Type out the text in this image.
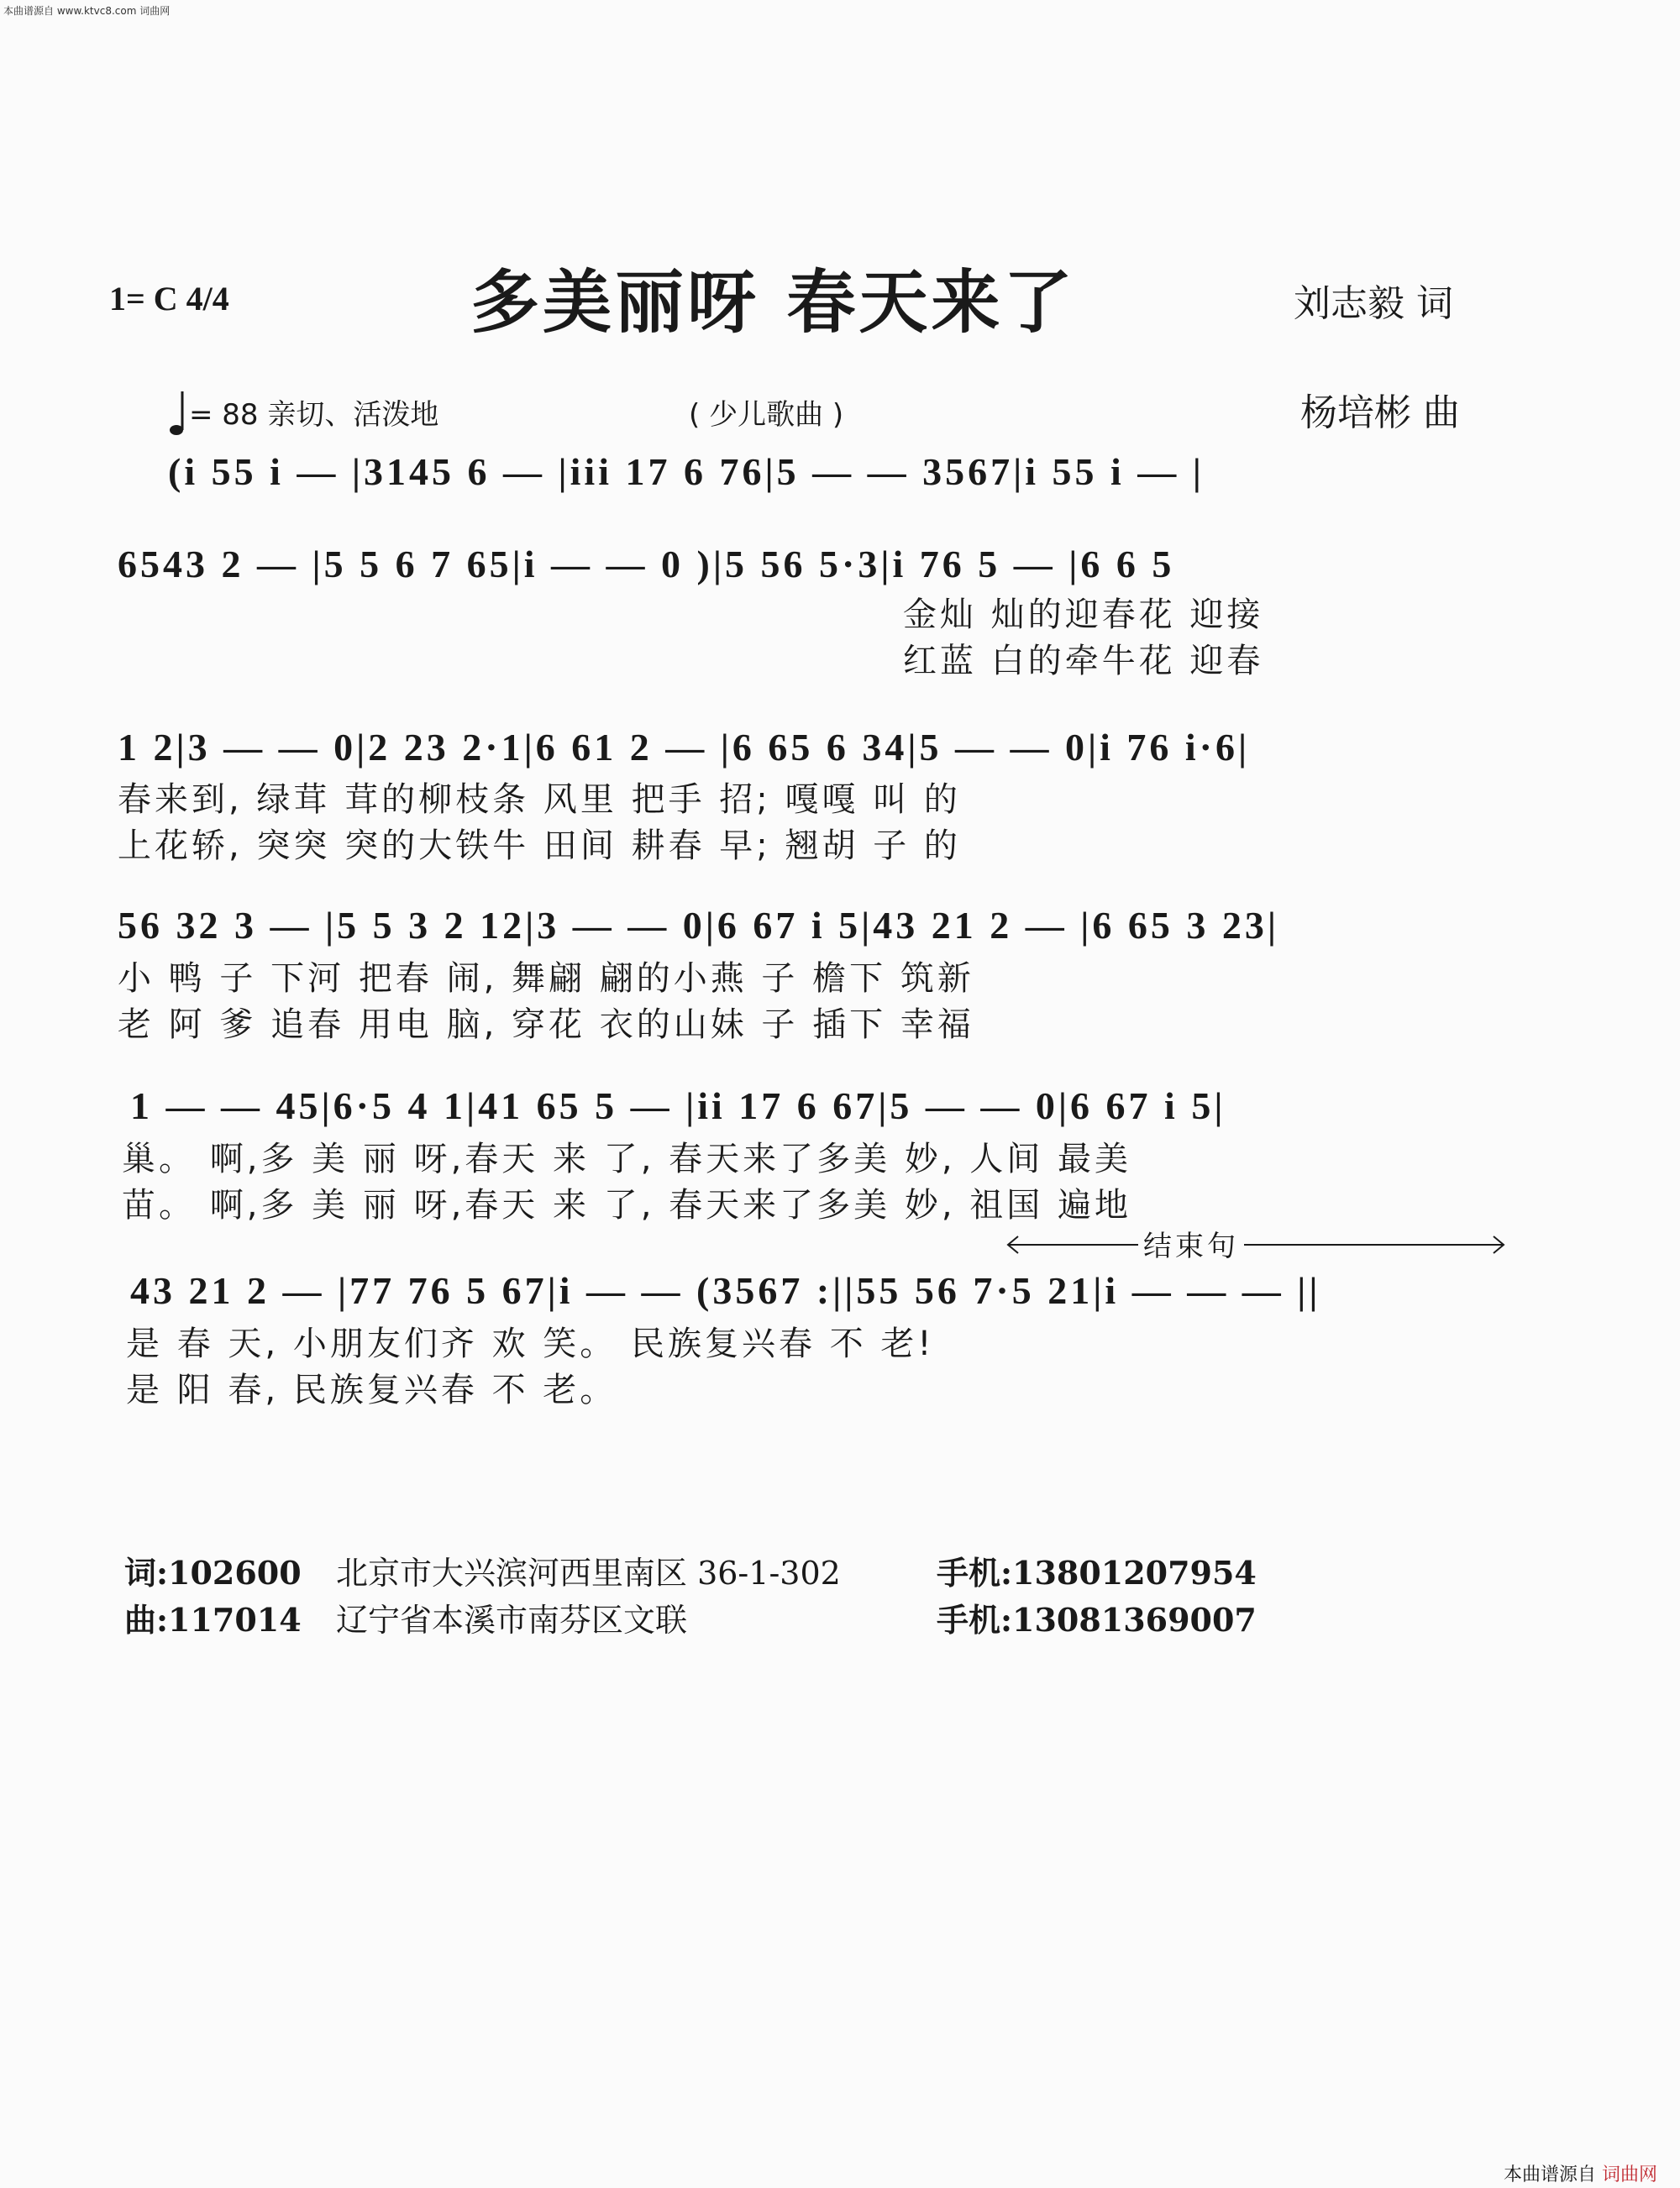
本曲谱源自 www.ktvc8.com 词曲网
1= C 4/4	多美丽呀 春天来了	刘志毅 词
杨培彬 曲
= 88 亲切、活泼地	( 少儿歌曲 )
(i 55 i — |3145 6 — |iii 17 6 76|5 — — 3567|i 55 i — |
6543 2 — |5 5 6 7 65|i — — 0 )|5 56 5·3|i 76 5 — |6 6 5
金灿 灿的迎春花 迎接
红蓝 白的牵牛花 迎春
1 2|3 — — 0|2 23 2·1|6 61 2 — |6 65 6 34|5 — — 0|i 76 i·6|
春来到, 绿茸 茸的柳枝条 风里 把手 招; 嘎嘎 叫 的
上花轿, 突突 突的大铁牛 田间 耕春 早; 翘胡 子 的
56 32 3 — |5 5 3 2 12|3 — — 0|6 67 i 5|43 21 2 — |6 65 3 23|
小 鸭 子 下河 把春 闹, 舞翩 翩的小燕 子 檐下 筑新
老 阿 爹 追春 用电 脑, 穿花 衣的山妹 子 插下 幸福
1 — — 45|6·5 4 1|41 65 5 — |ii 17 6 67|5 — — 0|6 67 i 5|
巢。 啊,多 美 丽 呀,春天 来 了, 春天来了多美 妙, 人间 最美
苗。 啊,多 美 丽 呀,春天 来 了, 春天来了多美 妙, 祖国 遍地
结束句
43 21 2 — |77 76 5 67|i — — (3567 :||55 56 7·5 21|i — — — ||
是 春 天, 小朋友们齐 欢 笑。 民族复兴春 不 老!
是 阳 春, 民族复兴春 不 老。
词:102600 北京市大兴滨河西里南区 36-1-302	手机:13801207954
曲:117014 辽宁省本溪市南芬区文联	手机:13081369007
本曲谱源自 词曲网
